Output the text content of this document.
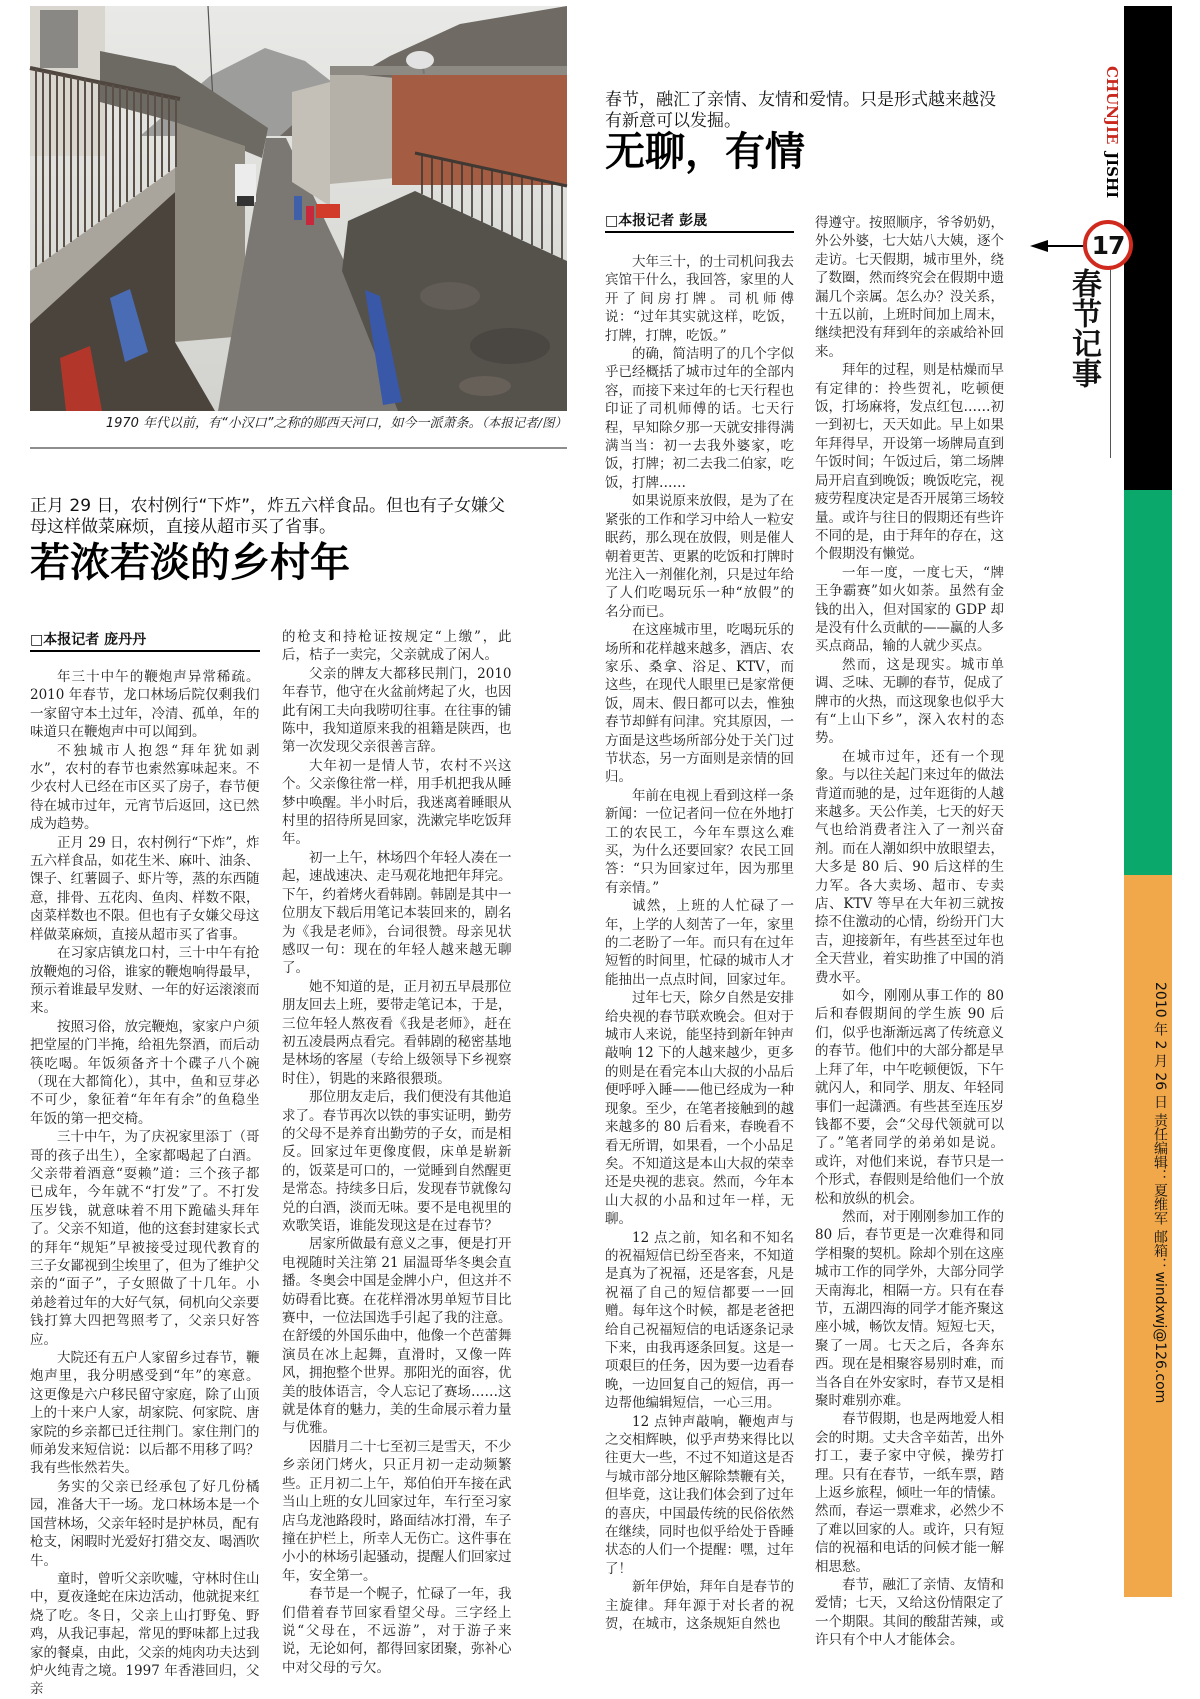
1970 年代以前，有“小汉口”之称的郧西天河口，如今一派萧条。（本报记者/图）
正月 29 日，农村例行“下炸”，炸五六样食品。但也有子女嫌父母这样做菜麻烦，直接从超市买了省事。
若浓若淡的乡村年
□本报记者 庞丹丹

年三十中午的鞭炮声异常稀疏。2010 年春节，龙口林场后院仅剩我们一家留守本土过年，冷清、孤单，年的味道只在鞭炮声中可以闻到。

不独城市人抱怨“拜年犹如剥水”，农村的春节也索然寡味起来。不少农村人已经在市区买了房子，春节便待在城市过年，元宵节后返回，这已然成为趋势。

正月 29 日，农村例行“下炸”，炸五六样食品，如花生米、麻叶、油条、馃子、红薯圆子、虾片等，蒸的东西随意，排骨、五花肉、鱼肉、样数不限，卤菜样数也不限。但也有子女嫌父母这样做菜麻烦，直接从超市买了省事。

在习家店镇龙口村，三十中午有抢放鞭炮的习俗，谁家的鞭炮响得最早，预示着谁最早发财、一年的好运滚滚而来。

按照习俗，放完鞭炮，家家户户须把堂屋的门半掩，给祖先祭酒，而后动筷吃喝。年饭须备齐十个碟子八个碗（现在大都简化），其中，鱼和豆芽必不可少，象征着“年年有余”的鱼稳坐年饭的第一把交椅。

三十中午，为了庆祝家里添丁（哥哥的孩子出生），全家都喝起了白酒。父亲带着酒意“耍赖”道：三个孩子都已成年，今年就不“打发”了。不打发压岁钱，就意味着不用下跪磕头拜年了。父亲不知道，他的这套封建家长式的拜年“规矩”早被接受过现代教育的三子女鄙视到尘埃里了，但为了维护父亲的“面子”，子女照做了十几年。小弟趁着过年的大好气氛，伺机向父亲要钱打算大四把驾照考了，父亲只好答应。

大院还有五户人家留乡过春节，鞭炮声里，我分明感受到“年”的寒意。这更像是六户移民留守家庭，除了山顶上的十来户人家，胡家院、何家院、唐家院的乡亲都已迁往荆门。家住荆门的师弟发来短信说：以后都不用移了吗？我有些怅然若失。

务实的父亲已经承包了好几份橘园，准备大干一场。龙口林场本是一个国营林场，父亲年轻时是护林员，配有枪支，闲暇时光爱好打猎交友、喝酒吹牛。

童时，曾听父亲吹嘘，守林时住山中，夏夜逢蛇在床边活动，他就捉来红烧了吃。冬日，父亲上山打野兔、野鸡，从我记事起，常见的野味都上过我家的餐桌，由此，父亲的炖肉功夫达到炉火纯青之境。1997 年香港回归，父亲

的枪支和持枪证按规定“上缴”，此后，桔子一卖完，父亲就成了闲人。

父亲的牌友大都移民荆门，2010 年春节，他守在火盆前烤起了火，也因此有闲工夫向我唠叨往事。在往事的铺陈中，我知道原来我的祖籍是陕西，也第一次发现父亲很善言辞。

大年初一是情人节，农村不兴这个。父亲像往常一样，用手机把我从睡梦中唤醒。半小时后，我迷离着睡眼从村里的招待所晃回家，洗漱完毕吃饭拜年。

初一上午，林场四个年轻人凑在一起，速战速决、走马观花地把年拜完。下午，约着烤火看韩剧。韩剧是其中一位朋友下载后用笔记本装回来的，剧名为《我是老师》，台词很赞。母亲见状感叹一句：现在的年轻人越来越无聊了。

她不知道的是，正月初五早晨那位朋友回去上班，要带走笔记本，于是，三位年轻人熬夜看《我是老师》，赶在初五凌晨两点看完。看韩剧的秘密基地是林场的客屋（专给上级领导下乡视察时住），钥匙的来路很猥琐。

那位朋友走后，我们便没有其他追求了。春节再次以铁的事实证明，勤劳的父母不是养育出勤劳的子女，而是相反。回家过年更像度假，床单是崭新的，饭菜是可口的，一觉睡到自然醒更是常态。持续多日后，发现春节就像勾兑的白酒，淡而无味。要不是电视里的欢歌笑语，谁能发现这是在过春节？

居家所做最有意义之事，便是打开电视随时关注第 21 届温哥华冬奥会直播。冬奥会中国是金牌小户，但这并不妨碍看比赛。在花样滑冰男单短节目比赛中，一位法国选手引起了我的注意。在舒缓的外国乐曲中，他像一个芭蕾舞演员在冰上起舞，直滑时，又像一阵风，拥抱整个世界。那阳光的面容，优美的肢体语言，令人忘记了赛场……这就是体育的魅力，美的生命展示着力量与优雅。

因腊月二十七至初三是雪天，不少乡亲闭门烤火，只正月初一走动频繁些。正月初二上午，郑伯伯开车接在武当山上班的女儿回家过年，车行至习家店乌龙池路段时，路面结冰打滑，车子撞在护栏上，所幸人无伤亡。这件事在小小的林场引起骚动，提醒人们回家过年，安全第一。

春节是一个幌子，忙碌了一年，我们借着春节回家看望父母。三字经上说“父母在，不远游”，对于游子来说，无论如何，都得回家团聚，弥补心中对父母的亏欠。

春节，融汇了亲情、友情和爱情。只是形式越来越没有新意可以发掘。
无聊，有情
□本报记者 彭晟

大年三十，的士司机问我去宾馆干什么，我回答，家里的人开了间房打牌。司机师傅说：“过年其实就这样，吃饭，打牌，打牌，吃饭。”

的确，简洁明了的几个字似乎已经概括了城市过年的全部内容，而接下来过年的七天行程也印证了司机师傅的话。七天行程，早知除夕那一天就安排得满满当当：初一去我外婆家，吃饭，打牌；初二去我二伯家，吃饭，打牌……

如果说原来放假，是为了在紧张的工作和学习中给人一粒安眠药，那么现在放假，则是催人朝着更苦、更累的吃饭和打牌时光注入一剂催化剂，只是过年给了人们吃喝玩乐一种“放假”的名分而已。

在这座城市里，吃喝玩乐的场所和花样越来越多，酒店、农家乐、桑拿、浴足、KTV，而这些，在现代人眼里已是家常便饭，周末、假日都可以去，惟独春节却鲜有问津。究其原因，一方面是这些场所部分处于关门过节状态，另一方面则是亲情的回归。

年前在电视上看到这样一条新闻：一位记者问一位在外地打工的农民工，今年车票这么难买，为什么还要回家？农民工回答：“只为回家过年，因为那里有亲情。”

诚然，上班的人忙碌了一年，上学的人刻苦了一年，家里的二老盼了一年。而只有在过年短暂的时间里，忙碌的城市人才能抽出一点点时间，回家过年。

过年七天，除夕自然是安排给央视的春节联欢晚会。但对于城市人来说，能坚持到新年钟声敲响 12 下的人越来越少，更多的则是在看完本山大叔的小品后便呼呼入睡——他已经成为一种现象。至少，在笔者接触到的越来越多的 80 后看来，春晚看不看无所谓，如果看，一个小品足矣。不知道这是本山大叔的荣幸还是央视的悲哀。然而，今年本山大叔的小品和过年一样，无聊。

12 点之前，知名和不知名的祝福短信已纷至沓来，不知道是真为了祝福，还是客套，凡是祝福了自己的短信都要一一回赠。每年这个时候，都是老爸把给自己祝福短信的电话逐条记录下来，由我再逐条回复。这是一项艰巨的任务，因为要一边看春晚，一边回复自己的短信，再一边帮他编辑短信，一心三用。

12 点钟声敲响，鞭炮声与之交相辉映，似乎声势来得比以往更大一些，不过不知道这是否与城市部分地区解除禁鞭有关，但毕竟，这让我们体会到了过年的喜庆，中国最传统的民俗依然在继续，同时也似乎给处于昏睡状态的人们一个提醒：嘿，过年了！

新年伊始，拜年自是春节的主旋律。拜年源于对长者的祝贺，在城市，这条规矩自然也

得遵守。按照顺序，爷爷奶奶，外公外婆，七大姑八大姨，逐个走访。七天假期，城市里外，绕了数圈，然而终究会在假期中遗漏几个亲属。怎么办？没关系，十五以前，上班时间加上周末，继续把没有拜到年的亲戚给补回来。

拜年的过程，则是枯燥而早有定律的：拎些贺礼，吃顿便饭，打场麻将，发点红包……初一到初七，天天如此。早上如果年拜得早，开设第一场牌局直到午饭时间；午饭过后，第二场牌局开启直到晚饭；晚饭吃完，视疲劳程度决定是否开展第三场较量。或许与往日的假期还有些许不同的是，由于拜年的存在，这个假期没有懒觉。

一年一度，一度七天，“牌王争霸赛”如火如荼。虽然有金钱的出入，但对国家的 GDP 却是没有什么贡献的——赢的人多买点商品，输的人就少买点。

然而，这是现实。城市单调、乏味、无聊的春节，促成了牌市的火热，而这现象也似乎大有“上山下乡”，深入农村的态势。

在城市过年，还有一个现象。与以往关起门来过年的做法背道而驰的是，过年逛街的人越来越多。天公作美，七天的好天气也给消费者注入了一剂兴奋剂。而在人潮如织中放眼望去，大多是 80 后、90 后这样的生力军。各大卖场、超市、专卖店、KTV 等早在大年初三就按捺不住激动的心情，纷纷开门大吉，迎接新年，有些甚至过年也全天营业，着实助推了中国的消费水平。

如今，刚刚从事工作的 80 后和春假期间的学生族 90 后们，似乎也渐渐远离了传统意义的春节。他们中的大部分都是早上拜了年，中午吃顿便饭，下午就闪人，和同学、朋友、年轻同事们一起潇洒。有些甚至连压岁钱都不要，会“父母代领就可以了。”笔者同学的弟弟如是说。或许，对他们来说，春节只是一个形式，春假则是给他们一个放松和放纵的机会。

然而，对于刚刚参加工作的 80 后，春节更是一次难得和同学相聚的契机。除却个别在这座城市工作的同学外，大部分同学天南海北，相隔一方。只有在春节，五湖四海的同学才能齐聚这座小城，畅饮友情。短短七天，聚了一周。七天之后，各奔东西。现在是相聚容易别时难，而当各自在外安家时，春节又是相聚时难别亦难。

春节假期，也是两地爱人相会的时期。丈夫含辛茹苦，出外打工，妻子家中守候，操劳打理。只有在春节，一纸车票，踏上返乡旅程，倾吐一年的情愫。然而，春运一票难求，必然少不了难以回家的人。或许，只有短信的祝福和电话的问候才能一解相思愁。

春节，融汇了亲情、友情和爱情；七天，又给这份情限定了一个期限。其间的酸甜苦辣，或许只有个中人才能体会。

CHUNJIE
JISHI
17
春节记事
2010 年 2 月 26 日 责任编辑：夏维军 邮箱：windxwj@126.com
